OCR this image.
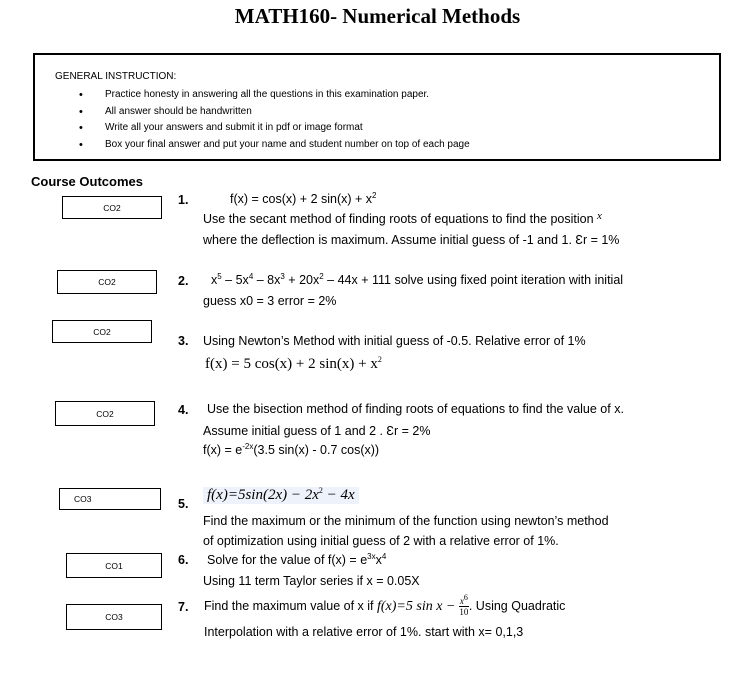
MATH160- Numerical Methods
GENERAL INSTRUCTION:
• Practice honesty in answering all the questions in this examination paper.
• All answer should be handwritten
• Write all your answers and submit it in pdf or image format
• Box your final answer and put your name and student number on top of each page
Course Outcomes
CO2
CO2
CO2
CO2
CO3
CO1
CO3
1.	f(x) = cos(x) + 2 $\sin(x) + x^2$
Use the secant method of finding roots of equations to find the position x
where the deflection is maximum. Assume initial guess of -1 and 1. Ɛr = 1%
2. $x^5 - 5x^4 - 8x^3 + 20x^2 - 44x + 111$ solve using fixed point iteration with initial
guess x0 = 3 error = 2%
3. Using Newton’s Method with initial guess of -0.5. Relative error of 1%
f(x) = 5 cos(x) + 2 $\sin(x) + x^2$
4. Use the bisection method of finding roots of equations to find the value of x.
Assume initial guess of 1 and 2 . Ɛr = 2%
$f(x) = e^{-2x}(3.5$ sin(x) - 0.7 cos(x))
5.
$f(x)=5\sin(2x) - 2x^2 - 4x$
Find the maximum or the minimum of the function using newton’s method
of optimization using initial guess of 2 with a relative error of 1%.
6. Solve for the value of $f(x) = e^{3x}x^4$
Using 11 term Taylor series if x = 0.05X
7. Find the maximum value of x if f(x)=5 $\sin x - \frac{x^6}{10}$ . Using Quadratic
Interpolation with a relative error of 1%. start with x= 0,1,3
